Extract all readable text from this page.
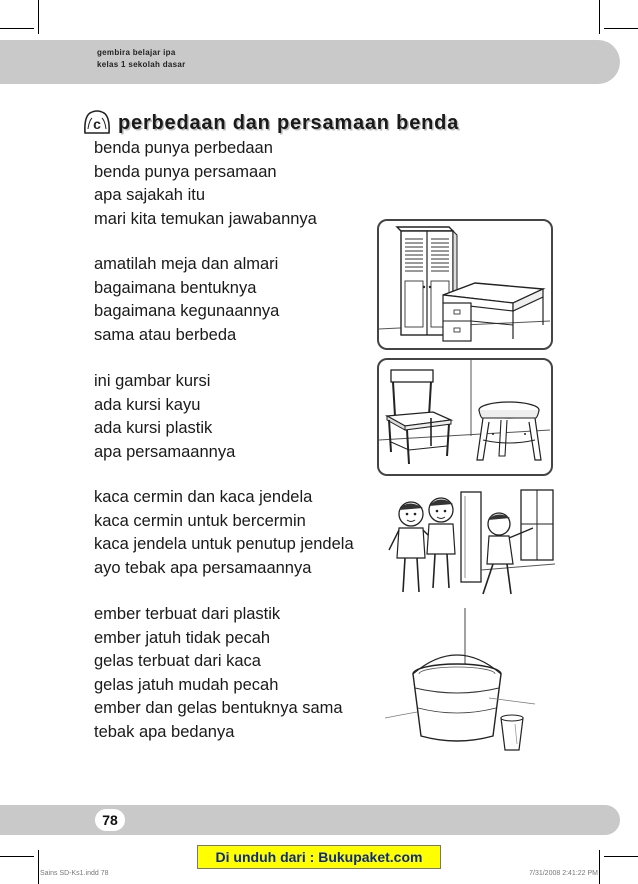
gembira belajar ipa
kelas 1 sekolah dasar
c perbedaan dan persamaan benda
benda punya perbedaan
benda punya persamaan
apa sajakah itu
mari kita temukan jawabannya
amatilah meja dan almari
bagaimana bentuknya
bagaimana kegunaannya
sama atau berbeda
ini gambar kursi
ada kursi kayu
ada kursi plastik
apa persamaannya
kaca cermin dan kaca jendela
kaca cermin untuk bercermin
kaca jendela untuk penutup jendela
ayo tebak apa persamaannya
ember terbuat dari plastik
ember jatuh tidak pecah
gelas terbuat dari kaca
gelas jatuh mudah pecah
ember dan gelas bentuknya sama
tebak apa bedanya
78
Di unduh dari : Bukupaket.com
Sains SD-Ks1.indd 78	7/31/2008 2:41:22 PM
